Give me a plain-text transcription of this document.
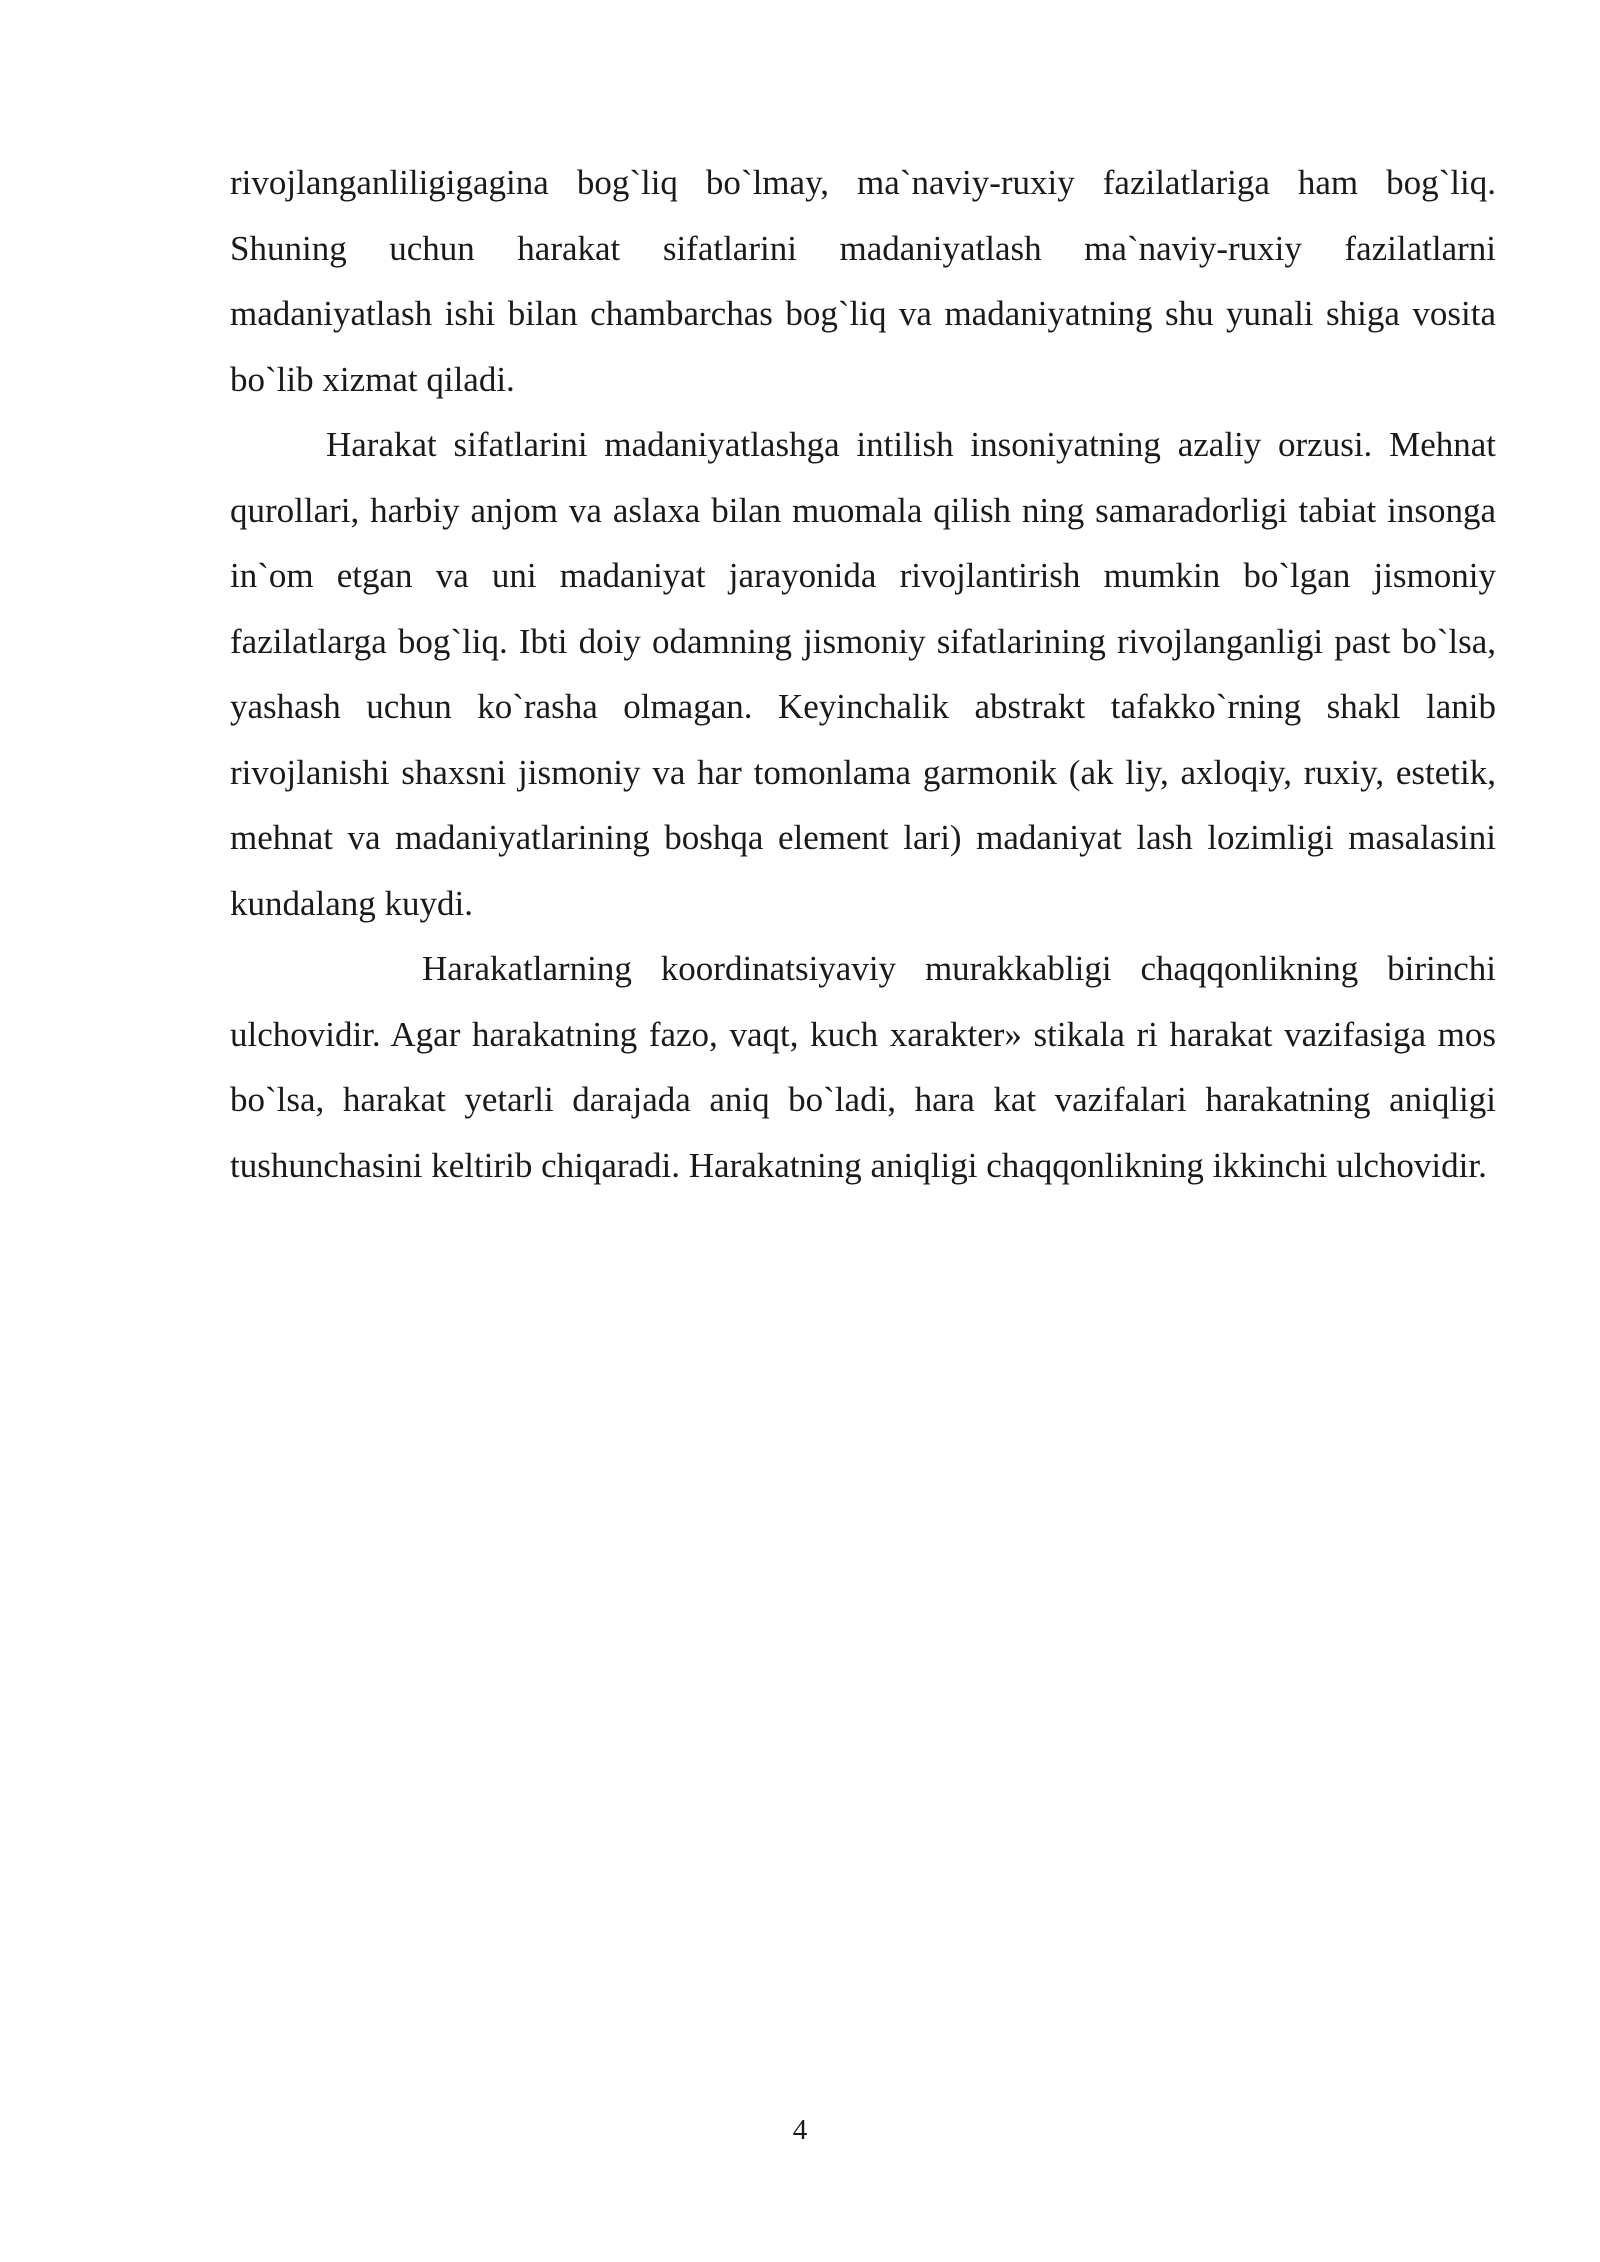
rivojlanganliligigagina bog`liq bo`lmay, ma`naviy-ruxiy fazilatlariga ham bog`liq. Shuning uchun harakat sifatlarini madaniyatlash ma`naviy-ruxiy fazilatlarni madaniyatlash ishi bilan chambarchas bog`liq va madaniyatning shu yunali shiga vosita bo`lib xizmat qiladi.

Harakat sifatlarini madaniyatlashga intilish insoniyatning azaliy orzusi. Mehnat qurollari, harbiy anjom va aslaxa bilan muomala qilish ning samaradorligi tabiat insonga in`om etgan va uni madaniyat jarayonida rivojlantirish mumkin bo`lgan jismoniy fazilatlarga bog`liq. Ibti doiy odamning jismoniy sifatlarining rivojlanganligi past bo`lsa, yashash uchun ko`rasha olmagan. Keyinchalik abstrakt tafakko`rning shakl lanib rivojlanishi shaxsni jismoniy va har tomonlama garmonik (ak liy, axloqiy, ruxiy, estetik, mehnat va madaniyatlarining boshqa element lari) madaniyat lash lozimligi masalasini kundalang kuydi.

Harakatlarning koordinatsiyaviy murakkabligi chaqqonlikning birinchi ulchovidir. Agar harakatning fazo, vaqt, kuch xarakter» stikala ri harakat vazifasiga mos bo`lsa, harakat yetarli darajada aniq bo`ladi, hara kat vazifalari harakatning aniqligi tushunchasini keltirib chiqaradi. Harakatning aniqligi chaqqonlikning ikkinchi ulchovidir.

4
